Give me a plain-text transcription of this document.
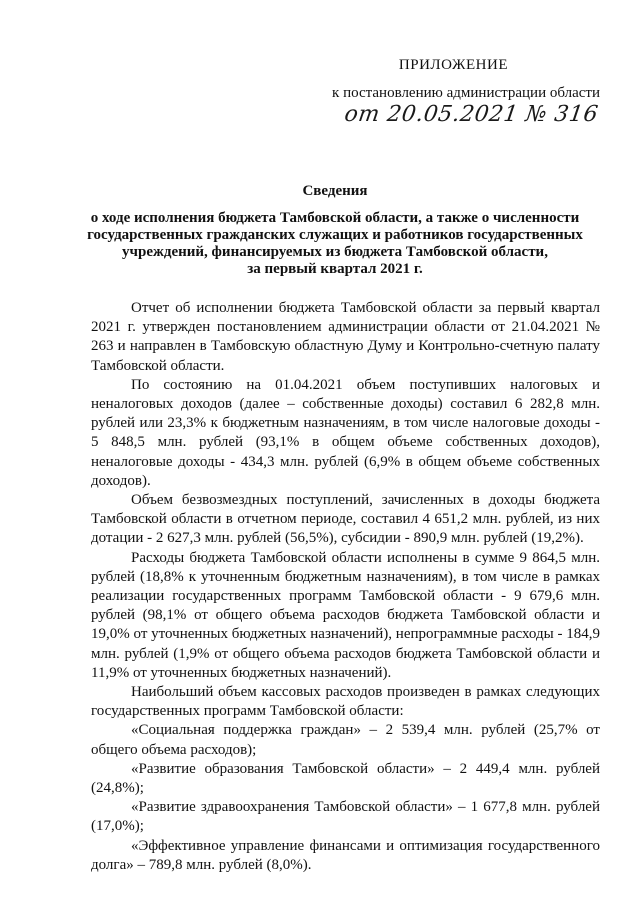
ПРИЛОЖЕНИЕ
к постановлению администрации области
от 20.05.2021 № 316
Сведения
о ходе исполнения бюджета Тамбовской области, а также о численности
государственных гражданских служащих и работников государственных
учреждений, финансируемых из бюджета Тамбовской области,
за первый квартал 2021 г.

Отчет об исполнении бюджета Тамбовской области за первый квартал 2021 г. утвержден постановлением администрации области от 21.04.2021 № 263 и направлен в Тамбовскую областную Думу и Контрольно-счетную палату Тамбовской области.

По состоянию на 01.04.2021 объем поступивших налоговых и неналоговых доходов (далее – собственные доходы) составил 6 282,8 млн. рублей или 23,3% к бюджетным назначениям, в том числе налоговые доходы - 5 848,5 млн. рублей (93,1% в общем объеме собственных доходов), неналоговые доходы - 434,3 млн. рублей (6,9% в общем объеме собственных доходов).

Объем безвозмездных поступлений, зачисленных в доходы бюджета Тамбовской области в отчетном периоде, составил 4 651,2 млн. рублей, из них дотации - 2 627,3 млн. рублей (56,5%), субсидии - 890,9 млн. рублей (19,2%).

Расходы бюджета Тамбовской области исполнены в сумме 9 864,5 млн. рублей (18,8% к уточненным бюджетным назначениям), в том числе в рамках реализации государственных программ Тамбовской области - 9 679,6 млн. рублей (98,1% от общего объема расходов бюджета Тамбовской области и 19,0% от уточненных бюджетных назначений), непрограммные расходы - 184,9 млн. рублей (1,9% от общего объема расходов бюджета Тамбовской области и 11,9% от уточненных бюджетных назначений).

Наибольший объем кассовых расходов произведен в рамках следующих государственных программ Тамбовской области:

«Социальная поддержка граждан» – 2 539,4 млн. рублей (25,7% от общего объема расходов);

«Развитие образования Тамбовской области» – 2 449,4 млн. рублей (24,8%);

«Развитие здравоохранения Тамбовской области» – 1 677,8 млн. рублей (17,0%);

«Эффективное управление финансами и оптимизация государственного долга» – 789,8 млн. рублей (8,0%).
